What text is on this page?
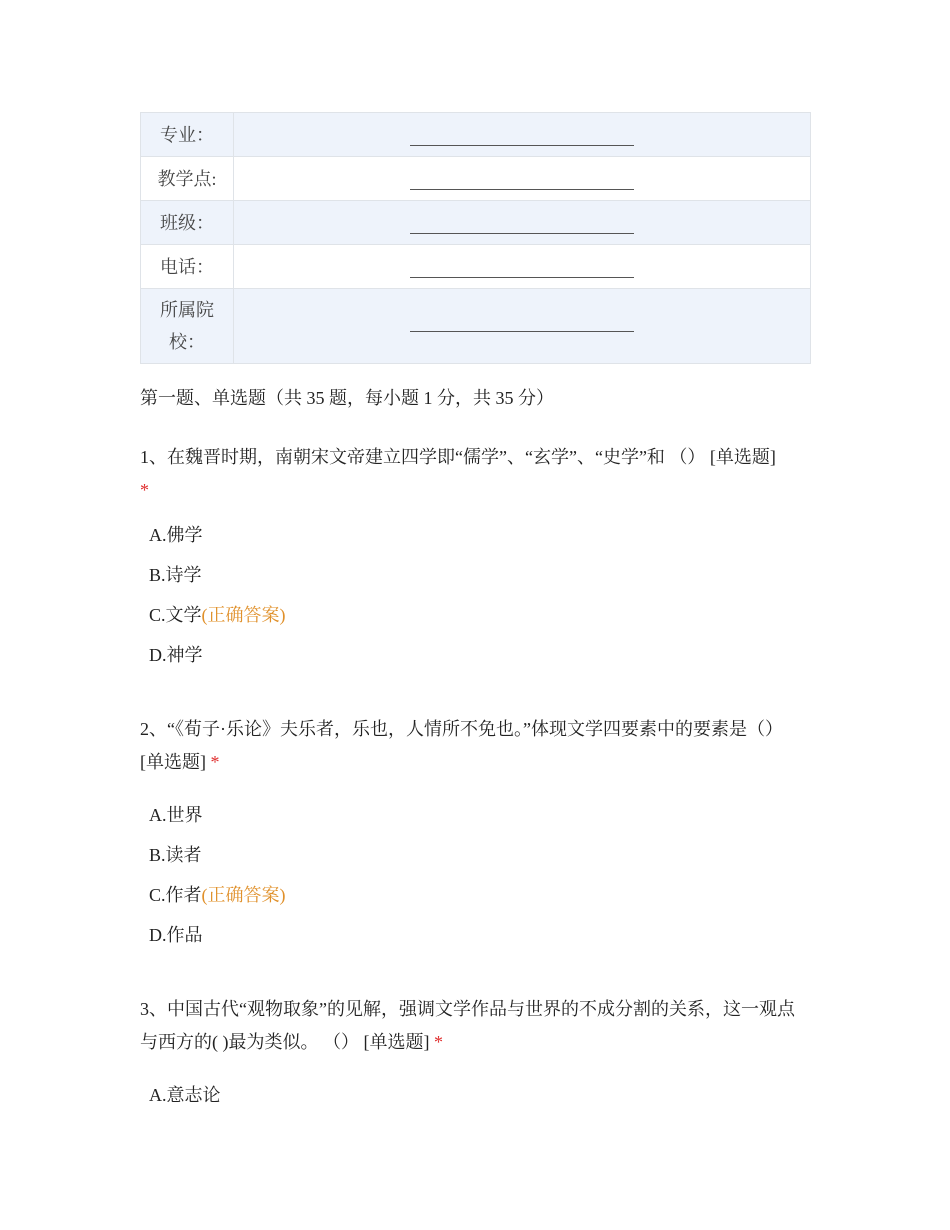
专业：	
教学点:	
班级：	
电话：	
所属院
校：	
第一题、单选题（共 35 题，每小题 1 分，共 35 分）
1、在魏晋时期，南朝宋文帝建立四学即“儒学”、“玄学”、“史学”和 （） [单选题]
*
A.佛学
B.诗学
C.文学(正确答案)
D.神学
2、“《荀子·乐论》夫乐者，乐也，人情所不免也。”体现文学四要素中的要素是（） [单选题] *
A.世界
B.读者
C.作者(正确答案)
D.作品
3、中国古代“观物取象”的见解，强调文学作品与世界的不成分割的关系，这一观点与西方的( )最为类似。 （） [单选题] *
A.意志论
